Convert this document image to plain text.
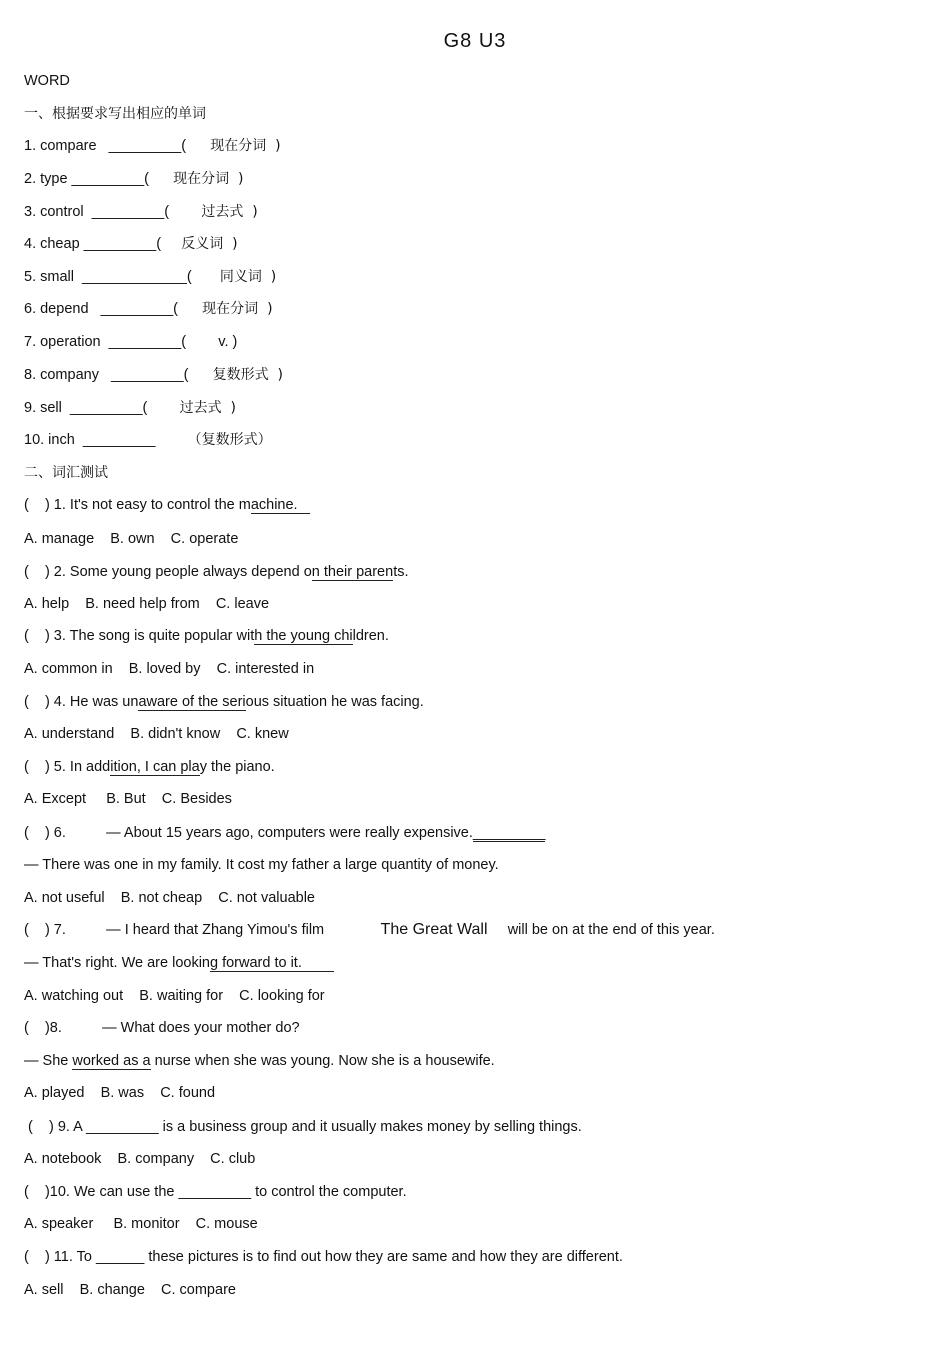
G8 U3
WORD
一、根据要求写出相应的单词
1. compare   _________(      现在分词  )
2. type _________(      现在分词  )
3. control  _________(        过去式  )
4. cheap _________(     反义词  )
5. small  _____________(       同义词  )
6. depend   _________(      现在分词  )
7. operation  _________(        v. )
8. company   _________(      复数形式  )
9. sell  _________(        过去式  )
10. inch  _________        （复数形式）
二、词汇测试
(    ) 1. It's not easy to control the machine.
A. manage    B. own    C. operate
(    ) 2. Some young people always depend on their parents.
A. help    B. need help from    C. leave
(    ) 3. The song is quite popular with the young children.
A. common in    B. loved by    C. interested in
(    ) 4. He was unaware of the serious situation he was facing.
A. understand    B. didn't know    C. knew
(    ) 5. In addition, I can play the piano.
A. Except     B. But    C. Besides
(    ) 6.          — About 15 years ago, computers were really expensive._________
— There was one in my family. It cost my father a large quantity of money.
A. not useful    B. not cheap    C. not valuable
(    ) 7.          — I heard that Zhang Yimou's film              The Great Wall     will be on at the end of this year.
— That's right. We are looking forward to it.
A. watching out    B. waiting for    C. looking for
(    )8.          — What does your mother do?
— She worked as a nurse when she was young. Now she is a housewife.
A. played    B. was    C. found
(    ) 9. A _________ is a business group and it usually makes money by selling things.
A. notebook    B. company    C. club
(    )10. We can use the _________ to control the computer.
A. speaker     B. monitor    C. mouse
(    ) 11. To ______ these pictures is to find out how they are same and how they are different.
A. sell    B. change    C. compare
